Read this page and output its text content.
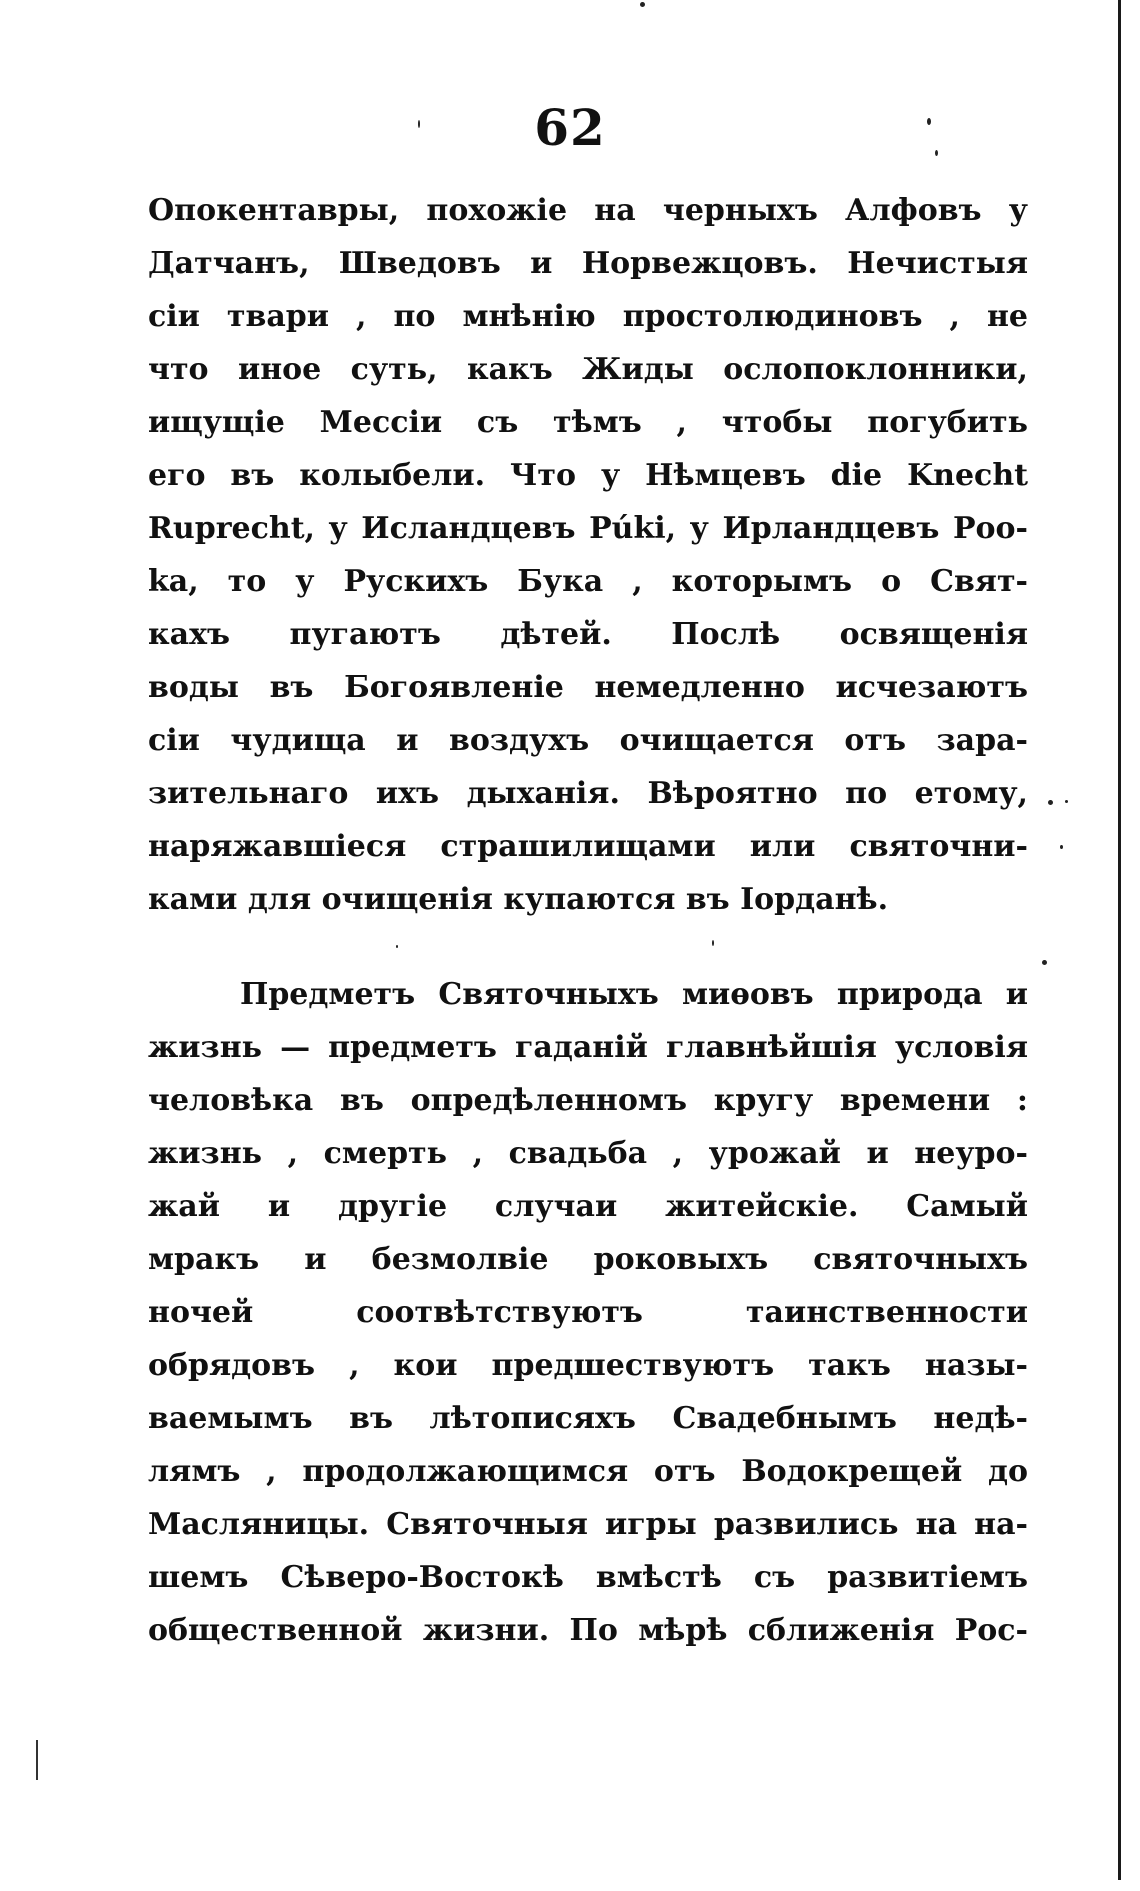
62
Опокентавры, похожіе на черныхъ Алфовъ у
Датчанъ, Шведовъ и Норвежцовъ. Нечистыя
сіи твари , по мнѣнію простолюдиновъ , не
что иное суть, какъ Жиды ослопоклонники,
ищущіе Мессіи съ тѣмъ , чтобы погубить
его въ колыбели. Что у Нѣмцевъ die Knecht
Ruprecht, у Исландцевъ Púki, у Ирландцевъ Роо-
ka, то у Рускихъ Бука , которымъ о Свят-
кахъ пугаютъ дѣтей. Послѣ освященія
воды въ Богоявленіе немедленно исчезаютъ
сіи чудища и воздухъ очищается отъ зара-
зительнаго ихъ дыханія. Вѣроятно по етому,
наряжавшіеся страшилищами или святочни-
ками для очищенія купаются въ Іорданѣ.
Предметъ Святочныхъ миѳовъ природа и
жизнь — предметъ гаданій главнѣйшія условія
человѣка въ опредѣленномъ кругу времени :
жизнь , смерть , свадьба , урожай и неуро-
жай и другіе случаи житейскіе. Самый
мракъ и безмолвіе роковыхъ святочныхъ
ночей соотвѣтствуютъ таинственности
обрядовъ , кои предшествуютъ такъ назы-
ваемымъ въ лѣтописяхъ Свадебнымъ недѣ-
лямъ , продолжающимся отъ Водокрещей до
Масляницы. Святочныя игры развились на на-
шемъ Сѣверо-Востокѣ вмѣстѣ съ развитіемъ
общественной жизни. По мѣрѣ сближенія Рос-
